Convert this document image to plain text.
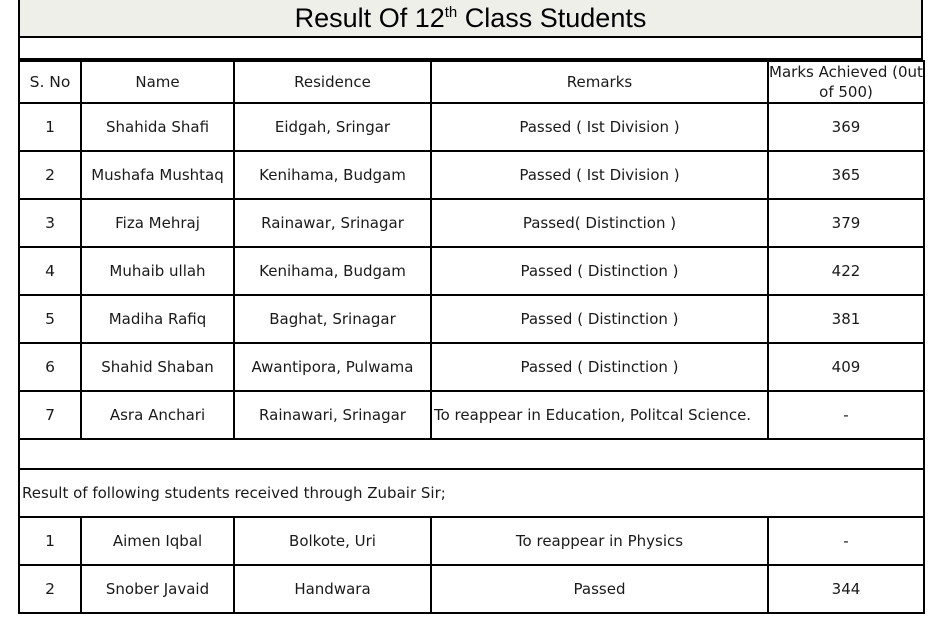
Result Of 12th Class Students
S. No	Name	Residence	Remarks	Marks Achieved (0ut of 500)
1	Shahida Shafi	Eidgah, Sringar	Passed ( Ist Division )	369
2	Mushafa Mushtaq	Kenihama, Budgam	Passed ( Ist Division )	365
3	Fiza Mehraj	Rainawar, Srinagar	Passed( Distinction )	379
4	Muhaib ullah	Kenihama, Budgam	Passed ( Distinction )	422
5	Madiha Rafiq	Baghat, Srinagar	Passed ( Distinction )	381
6	Shahid Shaban	Awantipora, Pulwama	Passed ( Distinction )	409
7	Asra Anchari	Rainawari, Srinagar	To reappear in Education, Politcal Science.	-

Result of following students received through Zubair Sir;				
1	Aimen Iqbal	Bolkote, Uri	To reappear in Physics	-
2	Snober Javaid	Handwara	Passed	344
